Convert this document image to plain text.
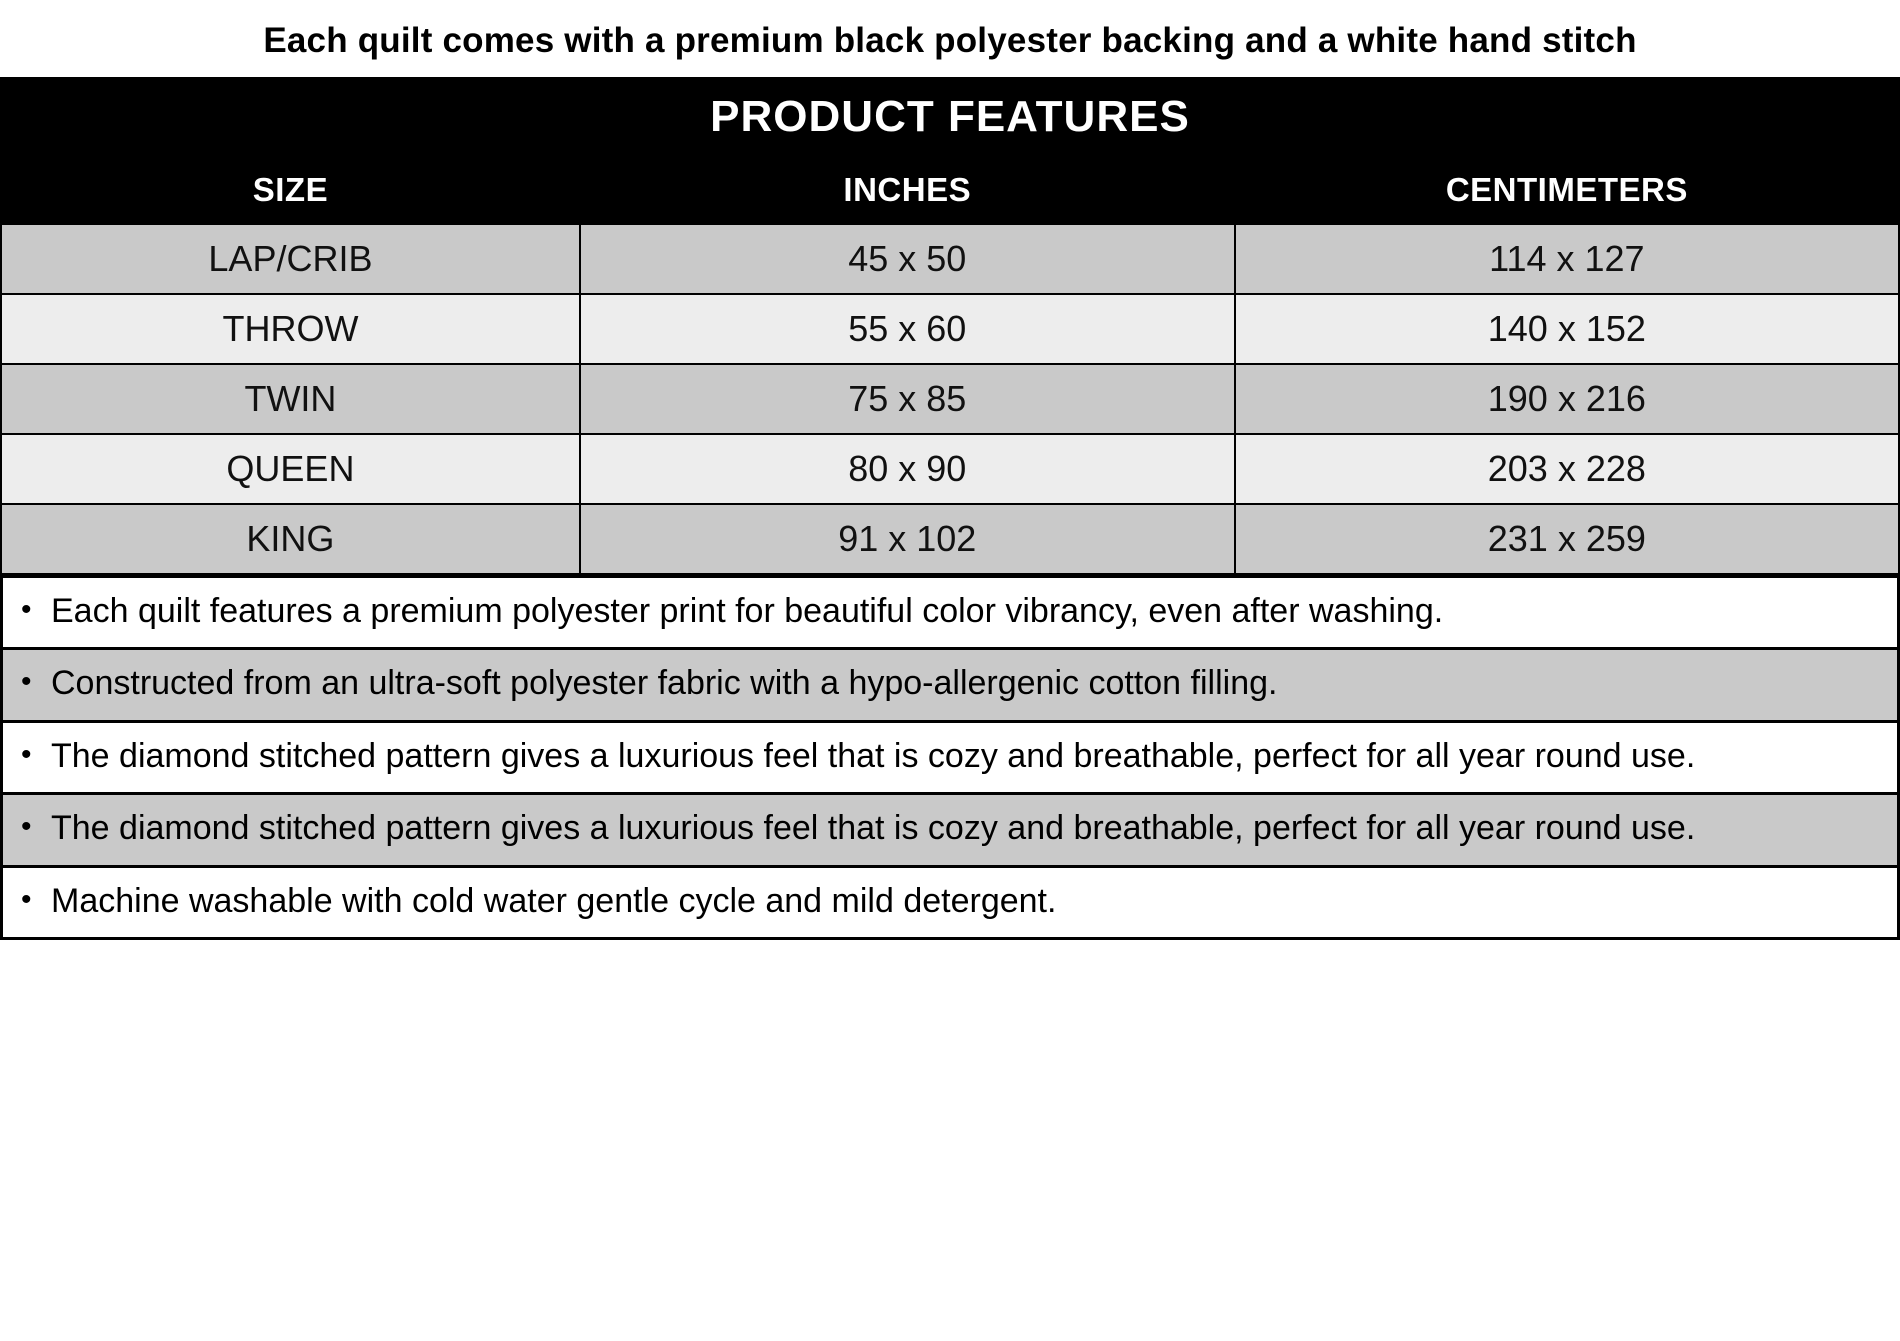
Each quilt comes with a premium black polyester backing and a white hand stitch
PRODUCT FEATURES		
SIZE	INCHES	CENTIMETERS
LAP/CRIB	45 x 50	114 x 127
THROW	55 x 60	140 x 152
TWIN	75 x 85	190 x 216
QUEEN	80 x 90	203 x 228
KING	91 x 102	231 x 259
• Each quilt features a premium polyester print for beautiful color vibrancy, even after washing.
• Constructed from an ultra-soft polyester fabric with a hypo-allergenic cotton filling.
• The diamond stitched pattern gives a luxurious feel that is cozy and breathable, perfect for all year round use.
• The diamond stitched pattern gives a luxurious feel that is cozy and breathable, perfect for all year round use.
• Machine washable with cold water gentle cycle and mild detergent.
